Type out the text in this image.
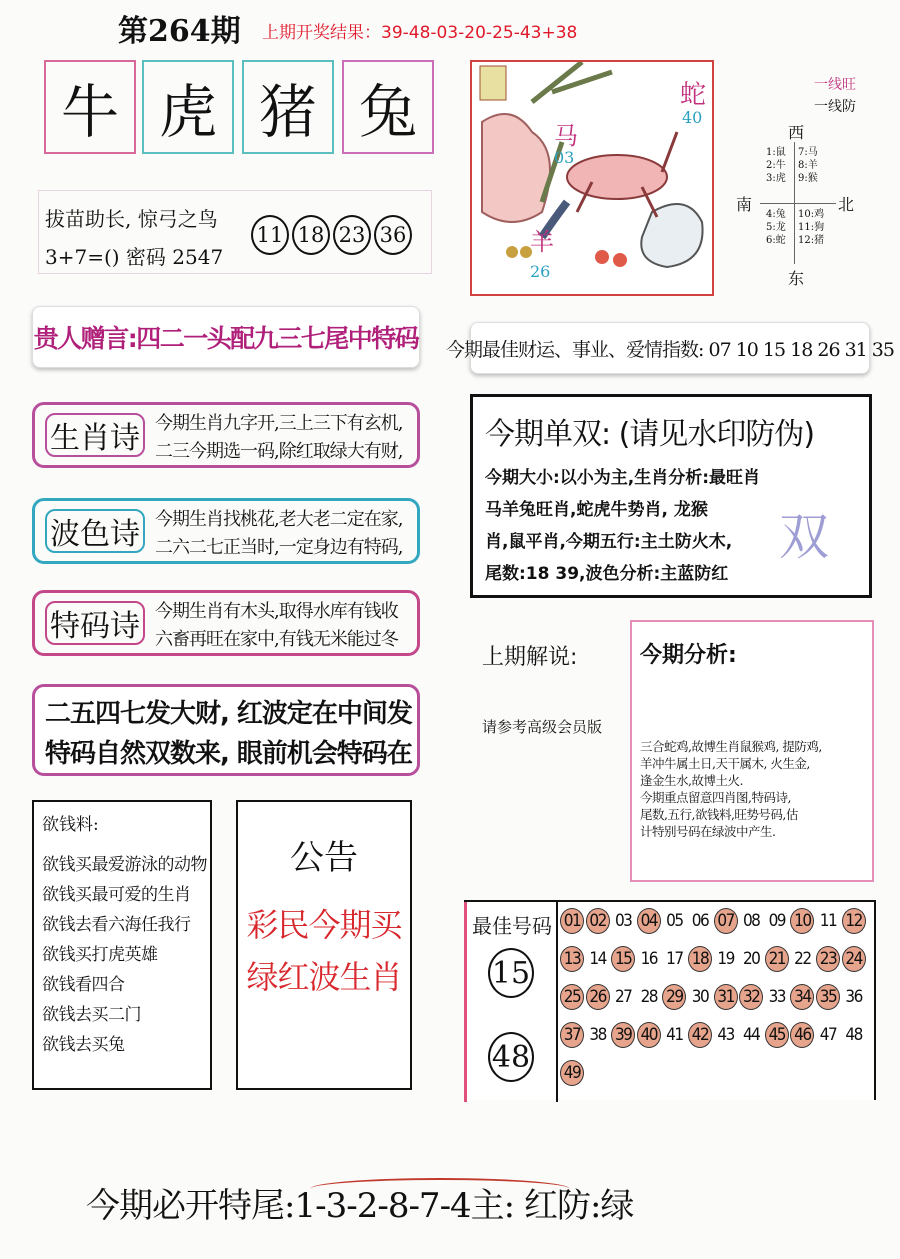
第264期 上期开奖结果：39-48-03-20-25-43+38
牛 虎 猪 兔
拔苗助长, 惊弓之鸟
3+7=() 密码 2547
11 18 23 36
蛇
40
马
03
羊
26
一线旺
一线防
西
南	北
东
1:鼠
2:牛
3:虎
7:马
8:羊
9:猴
4:兔
5:龙
6:蛇
10:鸡
11:狗
12:猪
贵人赠言:四二一头配九三七尾中特码 今期最佳财运、事业、爱情指数: 07 10 15 18 26 31 35
生肖诗 今期生肖九字开,三上三下有玄机,
二三今期选一码,除红取绿大有财,
波色诗 今期生肖找桃花,老大老二定在家,
二六二七正当时,一定身边有特码,
特码诗 今期生肖有木头,取得水库有钱收
六畜再旺在家中,有钱无米能过冬
今期单双: (请见水印防伪)
双
今期大小:以小为主,生肖分析:最旺肖
马羊兔旺肖,蛇虎牛势肖, 龙猴
肖,鼠平肖,今期五行:主土防火木,
尾数:18 39,波色分析:主蓝防红
上期解说:
请参考高级会员版
今期分析:
三合蛇鸡,故博生肖鼠猴鸡, 提防鸡,
羊冲牛属土日,天干属木, 火生金,
逢金生水,故博土火.
今期重点留意四肖图,特码诗,
尾数,五行,欲钱料,旺势号码,估
计特别号码在绿波中产生.
二五四七发大财, 红波定在中间发
特码自然双数来, 眼前机会特码在
欲钱料:
欲钱买最爱游泳的动物
欲钱买最可爱的生肖
欲钱去看六海任我行
欲钱买打虎英雄
欲钱看四合
欲钱去买二门
欲钱去买兔
公告
彩民今期买
绿红波生肖
最佳号码
15
48
01 02 03 04 05 06 07 08 09 10 11 12
13 14 15 16 17 18 19 20 21 22 23 24
25 26 27 28 29 30 31 32 33 34 35 36
37 38 39 40 41 42 43 44 45 46 47 48
49
今期必开特尾:1-3-2-8-7-4主: 红防:绿
